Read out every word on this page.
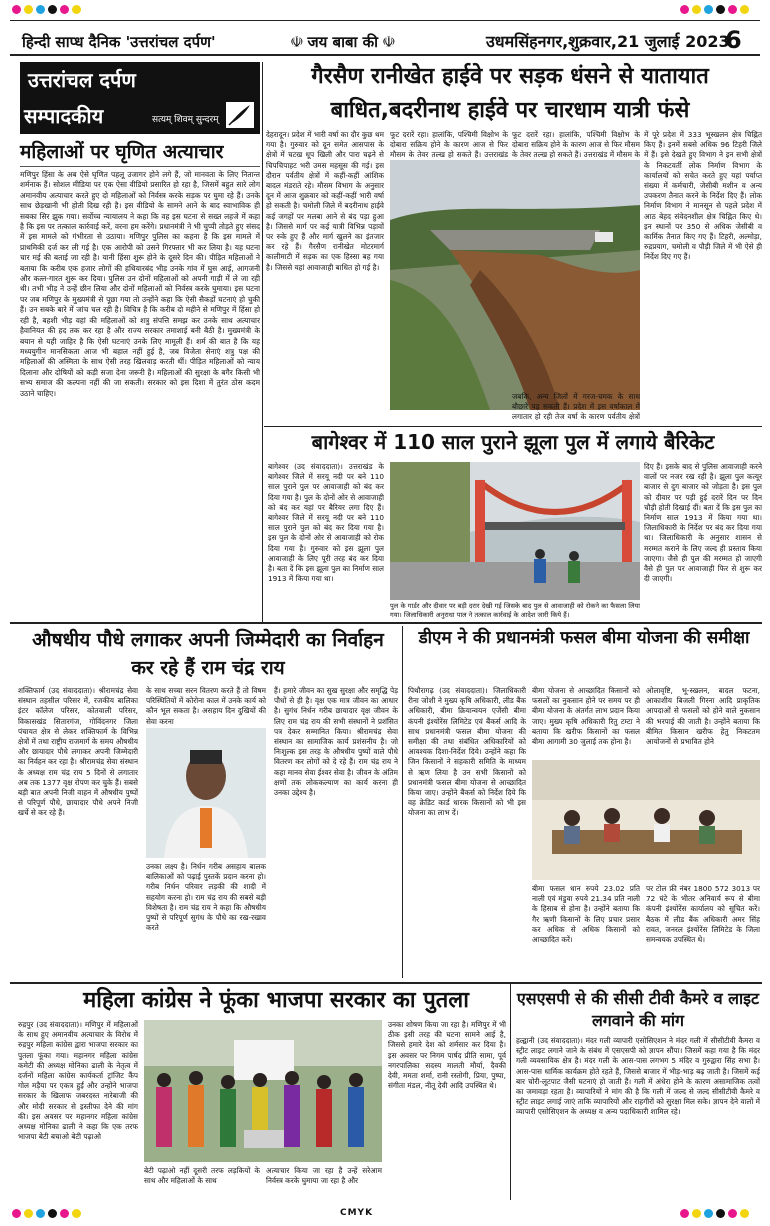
हिन्दी साप्ध दैनिक 'उत्तरांचल दर्पण'	☫ जय बाबा की ☫	उधमसिंहनगर,शुक्रवार,21 जुलाई 2023
6
उत्तरांचल दर्पण
सम्पादकीय	सत्यम् शिवम् सुन्दरम्
महिलाओं पर घृणित अत्याचार
मणिपुर हिंसा के अब ऐसे घृणित पहलू उजागर होने लगे हैं, जो मानवता के लिए नितान्त शर्मनाक हैं। सोशल मीडिया पर एक ऐसा वीडियो प्रसारित हो रहा है, जिसमें बहुत सारे लोग अमानवीय अत्याचार करते हुए दो महिलाओं को निर्वस्त्र करके सड़क पर घुमा रहे हैं। उनके साथ छेड़खानी भी होती दिख रही है। इस वीडियो के सामने आने के बाद स्वाभाविक ही सबका सिर झुक गया। सर्वोच्च न्यायालय ने कहा कि वह इस घटना से सख्त लहजे में कहा है कि इस पर तत्काल कार्रवाई करें, वरना हम करेंगे। प्रधानमंत्री ने भी चुप्पी तोड़ते हुए संसद में इस मामले को गंभीरता से उठाया। मणिपुर पुलिस का कहना है कि इस मामले में प्राथमिकी दर्ज कर ली गई है। एक आरोपी को उसने गिरफ्तार भी कर लिया है। यह घटना चार मई की बताई जा रही है। यानी हिंसा शुरू होने के दूसरे दिन की। पीड़ित महिलाओं ने बताया कि करीब एक हजार लोगों की हथियारबंद भीड़ उनके गांव में घुस आई, आगजनी और कत्ल-गारत शुरू कर दिया। पुलिस उन दोनों महिलाओं को अपनी गाड़ी में ले जा रही थी। तभी भीड़ ने उन्हें छीन लिया और दोनों महिलाओं को निर्वस्त्र करके घुमाया। इस घटना पर जब मणिपुर के मुख्यमंत्री से पूछा गया तो उन्होंने कहा कि ऐसी सैकड़ों घटनाएं हो चुकी हैं। उन सबके बारे में जांच चल रही है। विचित्र है कि करीब दो महीने से मणिपुर में हिंसा हो रही है, बहशी भीड़ वहां की महिलाओं को शत्रु संपत्ति समझ कर उनके साथ अत्याचार हैवानियत की हद तक कर रहा है और राज्य सरकार तमाशाई बनी बैठी है। मुख्यमंत्री के बयान से यही जाहिर है कि ऐसी घटनाएं उनके लिए मामूली हैं। शर्म की बात है कि यह मध्ययुगीन मानसिकता आज भी बहाल नहीं हुई है, जब विजेता सेनाएं शत्रु पक्ष की महिलाओं की अस्मिता के साथ ऐसी तरह खिलवाड़ करती थीं। पीड़ित महिलाओं को न्याय दिलाना और दोषियों को कड़ी सजा देना जरूरी है। महिलाओं की सुरक्षा के बगैर किसी भी सभ्य समाज की कल्पना नहीं की जा सकती। सरकार को इस दिशा में तुरंत ठोस कदम उठाने चाहिए।
गैरसैण रानीखेत हाईवे पर सड़क धंसने से यातायात बाधित,बदरीनाथ हाईवे पर चारधाम यात्री फंसे
देहरादून। प्रदेश में भारी वर्षा का दौर कुछ थम गया है। गुरुवार को दून समेत आसपास के क्षेत्रों में चटख धूप खिली और पारा चढ़ने से चिपचिपाहट भरी उमस महसूस की गई। इस दौरान पर्वतीय क्षेत्रों में कहीं-कहीं आंशिक बादल मंडराते रहे। मौसम विभाग के अनुसार दून में आज शुक्रवार को कहीं-कहीं भारी वर्षा हो सकती है। चमोली जिले में बदरीनाथ हाईवे कई जगहों पर मलबा आने से बंद पड़ा हुआ है। जिससे मार्ग पर कई यात्री विभिन्न पड़ावों पर रुके हुए हैं और मार्ग खुलने का इंतजार कर रहे हैं। गैरसैण रानीखेत मोटरमार्ग कालीमाटी में सड़क का एक हिस्सा बह गया है। जिससे यहां आवाजाही बाधित हो गई है।
फूट दरारें रहा। हालांकि, पश्चिमी विक्षोभ के दोबारा सक्रिय होने के कारण आज से फिर मौसम के तेवर तल्ख हो सकते हैं। उत्तराखंड
फूट दरारें रहा। हालांकि, पश्चिमी विक्षोभ के दोबारा सक्रिय होने के कारण आज से फिर मौसम के तेवर तल्ख हो सकते हैं। उत्तराखंड में मौसम के
जबकि, अन्य जिलों में गरज-चमक के साथ बौछारें पड़ सकती हैं। प्रदेश में इस वर्षाकाल में लगातार हो रही तेज वर्षा के कारण पर्वतीय क्षेत्रों
में पूरे प्रदेश में 333 भूस्खलन क्षेत्र चिह्नित किए हैं। इनमें सबसे अधिक 96 टिहरी जिले में हैं। इसे देखते हुए विभाग ने इन सभी क्षेत्रों के निकटवर्ती लोक निर्माण विभाग के कार्यालयों को सचेत करते हुए यहां पर्याप्त संख्या में कर्मचारी, जेसीबी मशीन व अन्य उपकरण तैनात करने के निर्देश दिए हैं। लोक निर्माण विभाग ने मानसून से पहले प्रदेश में आठ बेहद संवेदनशील क्षेत्र चिह्नित किए थे। इन स्थानों पर 350 से अधिक जेसीबी व कार्मिक तैनात किए गए हैं। टिहरी, अल्मोड़ा, रुद्रप्रयाग, चमोली व पौड़ी जिले में भी ऐसे ही निर्देश दिए गए हैं।
बागेश्वर में 110 साल पुराने झूला पुल में लगाये बैरिकेट
बागेश्वर (उद संवाददाता)। उत्तराखंड के बागेश्वर जिले में सरयू नदी पर बने 110 साल पुराने पुल पर आवाजाही को बंद कर दिया गया है। पुल के दोनों ओर से आवाजाही को बंद कर यहां पर बैरियर लगा दिए हैं। बागेश्वर जिले में सरयू नदी पर बने 110 साल पुराने पुल को बंद कर दिया गया है। इस पुल के दोनों ओर से आवाजाही को रोक दिया गया है। गुरुवार को इस झूला पुल आवाजाही के लिए पूरी तरह बंद कर दिया है। बता दें कि इस झूला पुल का निर्माण साल 1913 में किया गया था।
पुल के गार्डर और दीवार पर बड़ी दरार देखी गई जिसके बाद पुल से आवाजाही को रोकने का फैसला लिया गया। जिलाधिकारी अनुराधा पाल ने तत्काल कार्रवाई के आदेश जारी किये हैं।
दिए हैं। इसके बाद से पुलिस आवाजाही करने वालों पर नजर रख रही है। झूला पुल कत्यूर बाजार से दुग बाजार को जोड़ता है। इस पुल को दीवार पर पड़ी हुई दरारें दिन पर दिन चौड़ी होती दिखाई दीं। बता दें कि इस पुल का निर्माण साल 1913 में किया गया था। जिलाधिकारी के निर्देश पर बंद कर दिया गया था। जिलाधिकारी के अनुसार शासन से मरम्मत कराने के लिए जल्द ही प्रस्ताव किया जाएगा। जैसे ही पुल की मरम्मत हो जाएगी वैसे ही पुल पर आवाजाही फिर से शुरू कर दी जाएगी।
औषधीय पौधे लगाकर अपनी जिम्मेदारी का निर्वाहन कर रहे हैं राम चंद्र राय
शक्तिफार्म (उद संवाददाता)। श्रीरामचंद्र सेवा संस्थान तहसील परिसर में, रजकीय बालिका इंटर कॉलेज परिसर, कोतवाली परिसर, विकासखंड सितारगंज, गोविंदनगर जिला पंचायत क्षेत्र से लेकर शक्तिफार्म के विभिन्न क्षेत्रों में तथा राष्ट्रीय राजमार्ग के समय औषधीय और छायादार पौधे लगाकर अपनी जिम्मेदारी का निर्वहन कर रहा है। श्रीरामचंद्र सेवा संस्थान के अध्यक्ष राम चंद्र राय 5 दिनों से लगातार अब तक 1377 वृक्ष रोपण कर चुके हैं। सबसे बड़ी बात अपनी निजी वाहन में औषधीय पुष्पों से परिपूर्ण पौधे, छायादार पौधे अपने निजी खर्चे से कर रहे हैं।
के साथ सच्चा सरन वितरण करते हैं तो विषम परिस्थितियों में कोरोना काल में उनके कार्य को कौन भूल सकता है। असहाय दिन दुखियों की सेवा करना
उनका लक्ष्य है। निर्धन गरीब असहाय बालक बालिकाओं को पढ़ाई पुस्तकें प्रदान करना हो। गरीब निर्धन परिवार लड़की की शादी में सहयोग करना हो। राम चंद्र राय की सबसे बड़ी विशेषता है। राम चंद्र राय ने कहा कि औषधीय पुष्पों से परिपूर्ण सुगंध के पौधे का रख-रखाव करते
हैं। हमारे जीवन का सुख सुरक्षा और समृद्धि पेड़ पौधों से ही है। वृक्ष एक मात्र जीवन का आधार है। सुगंध निर्धन गरीब छायादार वृक्ष जीवन के लिए राम चंद्र राय की सभी संस्थानों ने प्रशंसित पत्र देकर सम्मानित किया। श्रीरामचंद्र सेवा संस्थान का सामाजिक कार्य प्रशंसनीय है। जो निःशुल्क इस तरह के औषधीय पुष्पों वाले पौधे वितरण कर लोगों को दे रहे हैं। राम चंद्र राय ने कहा मानव सेवा ईश्वर सेवा है। जीवन के अंतिम क्षणों तक लोककल्याण का कार्य करना ही उनका उद्देश्य है।
डीएम ने की प्रधानमंत्री फसल बीमा योजना की समीक्षा
पिथौरागढ़ (उद संवाददाता)। जिलाधिकारी रीना जोशी ने मुख्य कृषि अधिकारी, लीड बैंक अधिकारी, बीमा क्रियान्वयन एजेंसी बीमा कंपनी इंश्योरेंस लिमिटेड एवं बैंकर्स आदि के साथ प्रधानमंत्री फसल बीमा योजना की समीक्षा की तथा संबंधित अधिकारियों को आवश्यक दिशा-निर्देश दिये। उन्होंने कहा कि जिन किसानों ने सहकारी समिति के माध्यम से ऋण लिया है उन सभी किसानों को प्रधानमंत्री फसल बीमा योजना से आच्छादित किया जाए। उन्होंने बैंकर्स को निर्देश दिये कि वह क्रेडिट कार्ड धारक किसानों को भी इस योजना का लाभ दें।
बीमा योजना से आच्छादित किसानों को फसलों का नुकसान होने पर समय पर ही बीमा योजना के अंतर्गत लाभ प्रदान किया जाए। मुख्य कृषि अधिकारी रितु टम्टा ने बताया कि खरीफ किसानों का फसल बीमा आगामी 30 जुलाई तक होना है।
ओलावृष्टि, भू-स्खलन, बादल फटना, आकाशीय बिजली गिरना आदि प्राकृतिक आपदाओं से फसलों को होने वाले नुकसान की भरपाई की जाती है। उन्होंने बताया कि बीमित किसान खरीफ हेतु निकटतम आयोजनों से प्रभावित होने
बीमा फसल धान रुपये 23.02 प्रति नाली एवं मंडुवा रुपये 21.34 प्रति नाली के हिसाब से होना है। उन्होंने बताया कि गैर ऋणी किसानों के लिए प्रचार प्रसार कर अधिक से अधिक किसानों को आच्छादित करें।
पर टोल फ्री नंबर 1800 572 3013 पर 72 घंटे के भीतर अनिवार्य रूप से बीमा कंपनी इंश्योरेंस कार्यालय को सूचित करें। बैठक में लीड बैंक अधिकारी अमर सिंह रावत, जनरल इंश्योरेंस लिमिटेड के जिला समन्वयक उपस्थित थे।
महिला कांग्रेस ने फूंका भाजपा सरकार का पुतला
रुद्रपुर (उद संवाददाता)। मणिपुर में महिलाओं के साथ हुए अमानवीय अत्याचार के विरोध में रुद्रपुर महिला कांग्रेस द्वारा भाजपा सरकार का पुतला फूंका गया। महानगर महिला कांग्रेस कमेटी की अध्यक्ष मोनिका ढाली के नेतृत्व में दर्जनों महिला कांग्रेस कार्यकर्ता ट्रांजिट कैंप गोल मड़ैया पर एकत्र हुईं और उन्होंने भाजपा सरकार के खिलाफ जबरदस्त नारेबाजी की और मोदी सरकार से इस्तीफा देने की मांग की। इस अवसर पर महानगर महिला कांग्रेस अध्यक्ष मोनिका ढाली ने कहा कि एक तरफ भाजपा बेटी बचाओ बेटी पढ़ाओ
बेटी पढ़ाओ नहीं दूसरी तरफ लड़कियों के साथ और महिलाओं के साथ
अत्याचार किया जा रहा है उन्हें सरेआम निर्वस्त्र करके घुमाया जा रहा है और
उनका शोषण किया जा रहा है। मणिपुर में भी ठीक इसी तरह की घटना सामने आई है, जिससे हमारे देश को शर्मसार कर दिया है। इस अवसर पर निगम पार्षद प्रीति सामा, पूर्व नगरपालिका सदस्य मालती मौर्या, दैवकी देवी, ममता शर्मा, रानी रस्तोगी, प्रिया, पुष्पा, संगीता मंडल, नीतू देवी आदि उपस्थित थे।
एसएसपी से की सीसी टीवी कैमरे व लाइट लगवाने की मांग
हल्द्वानी (उद संवाददाता)। मंदर गली व्यापारी एसोसिएशन ने मंदर गली में सीसीटीवी कैमरा व स्ट्रीट लाइट लगाने जाने के संबंध में एसएसपी को ज्ञापन सौंपा। जिसमें कहा गया है कि मंदर गली व्यवसायिक क्षेत्र है। मंदर गली के आस-पास लगभग 5 मंदिर व गुरुद्वारा सिंह सभा है। आस-पास धार्मिक कार्यक्रम होते रहते हैं, जिससे बाजार में भीड़-भाड़ बढ़ जाती है। जिसमें कई बार चोरी-लूटपाट जैसी घटनाएं हो जाती हैं। गली में अंधेरा होने के कारण असामाजिक तत्वों का जमावड़ा रहता है। व्यापारियों ने मांग की है कि गली में जल्द से जल्द सीसीटीवी कैमरे व स्ट्रीट लाइट लगाई जाएं ताकि व्यापारियों और राहगीरों को सुरक्षा मिल सके। ज्ञापन देने वालों में व्यापारी एसोसिएशन के अध्यक्ष व अन्य पदाधिकारी शामिल रहे।
CMYK
